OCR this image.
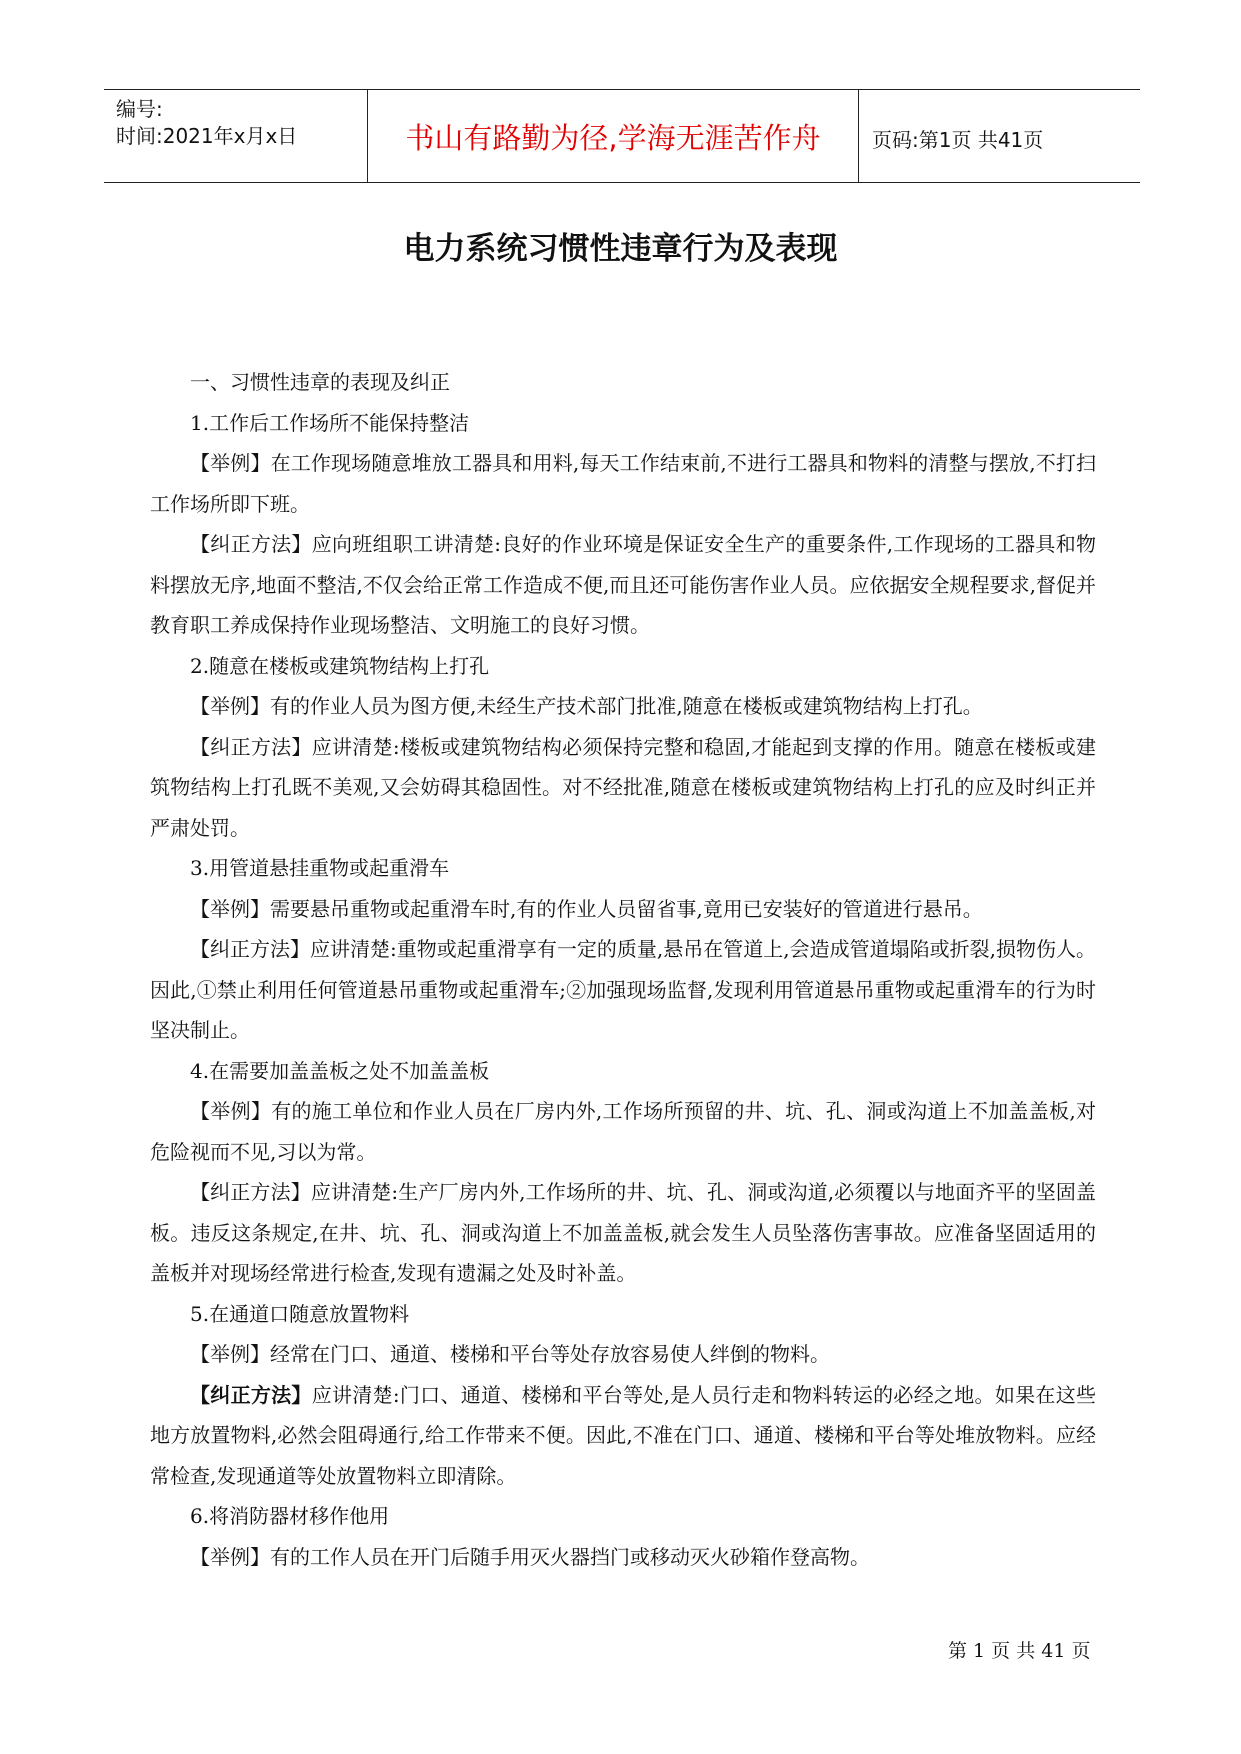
编号:
时间:2021年x月x日	书山有路勤为径,学海无涯苦作舟	页码:第1页 共41页
电力系统习惯性违章行为及表现

一、习惯性违章的表现及纠正

1.工作后工作场所不能保持整洁

【举例】在工作现场随意堆放工器具和用料,每天工作结束前,不进行工器具和物料的清整与摆放,不打扫工作场所即下班。

【纠正方法】应向班组职工讲清楚:良好的作业环境是保证安全生产的重要条件,工作现场的工器具和物料摆放无序,地面不整洁,不仅会给正常工作造成不便,而且还可能伤害作业人员。应依据安全规程要求,督促并教育职工养成保持作业现场整洁、文明施工的良好习惯。

2.随意在楼板或建筑物结构上打孔

【举例】有的作业人员为图方便,未经生产技术部门批准,随意在楼板或建筑物结构上打孔。

【纠正方法】应讲清楚:楼板或建筑物结构必须保持完整和稳固,才能起到支撑的作用。随意在楼板或建筑物结构上打孔既不美观,又会妨碍其稳固性。对不经批准,随意在楼板或建筑物结构上打孔的应及时纠正并严肃处罚。

3.用管道悬挂重物或起重滑车

【举例】需要悬吊重物或起重滑车时,有的作业人员留省事,竟用已安装好的管道进行悬吊。

【纠正方法】应讲清楚:重物或起重滑享有一定的质量,悬吊在管道上,会造成管道塌陷或折裂,损物伤人。因此,①禁止利用任何管道悬吊重物或起重滑车;②加强现场监督,发现利用管道悬吊重物或起重滑车的行为时坚决制止。

4.在需要加盖盖板之处不加盖盖板

【举例】有的施工单位和作业人员在厂房内外,工作场所预留的井、坑、孔、洞或沟道上不加盖盖板,对危险视而不见,习以为常。

【纠正方法】应讲清楚:生产厂房内外,工作场所的井、坑、孔、洞或沟道,必须覆以与地面齐平的坚固盖板。违反这条规定,在井、坑、孔、洞或沟道上不加盖盖板,就会发生人员坠落伤害事故。应准备坚固适用的盖板并对现场经常进行检查,发现有遗漏之处及时补盖。

5.在通道口随意放置物料

【举例】经常在门口、通道、楼梯和平台等处存放容易使人绊倒的物料。

【纠正方法】应讲清楚:门口、通道、楼梯和平台等处,是人员行走和物料转运的必经之地。如果在这些地方放置物料,必然会阻碍通行,给工作带来不便。因此,不准在门口、通道、楼梯和平台等处堆放物料。应经常检查,发现通道等处放置物料立即清除。

6.将消防器材移作他用

【举例】有的工作人员在开门后随手用灭火器挡门或移动灭火砂箱作登高物。

第 1 页 共 41 页
